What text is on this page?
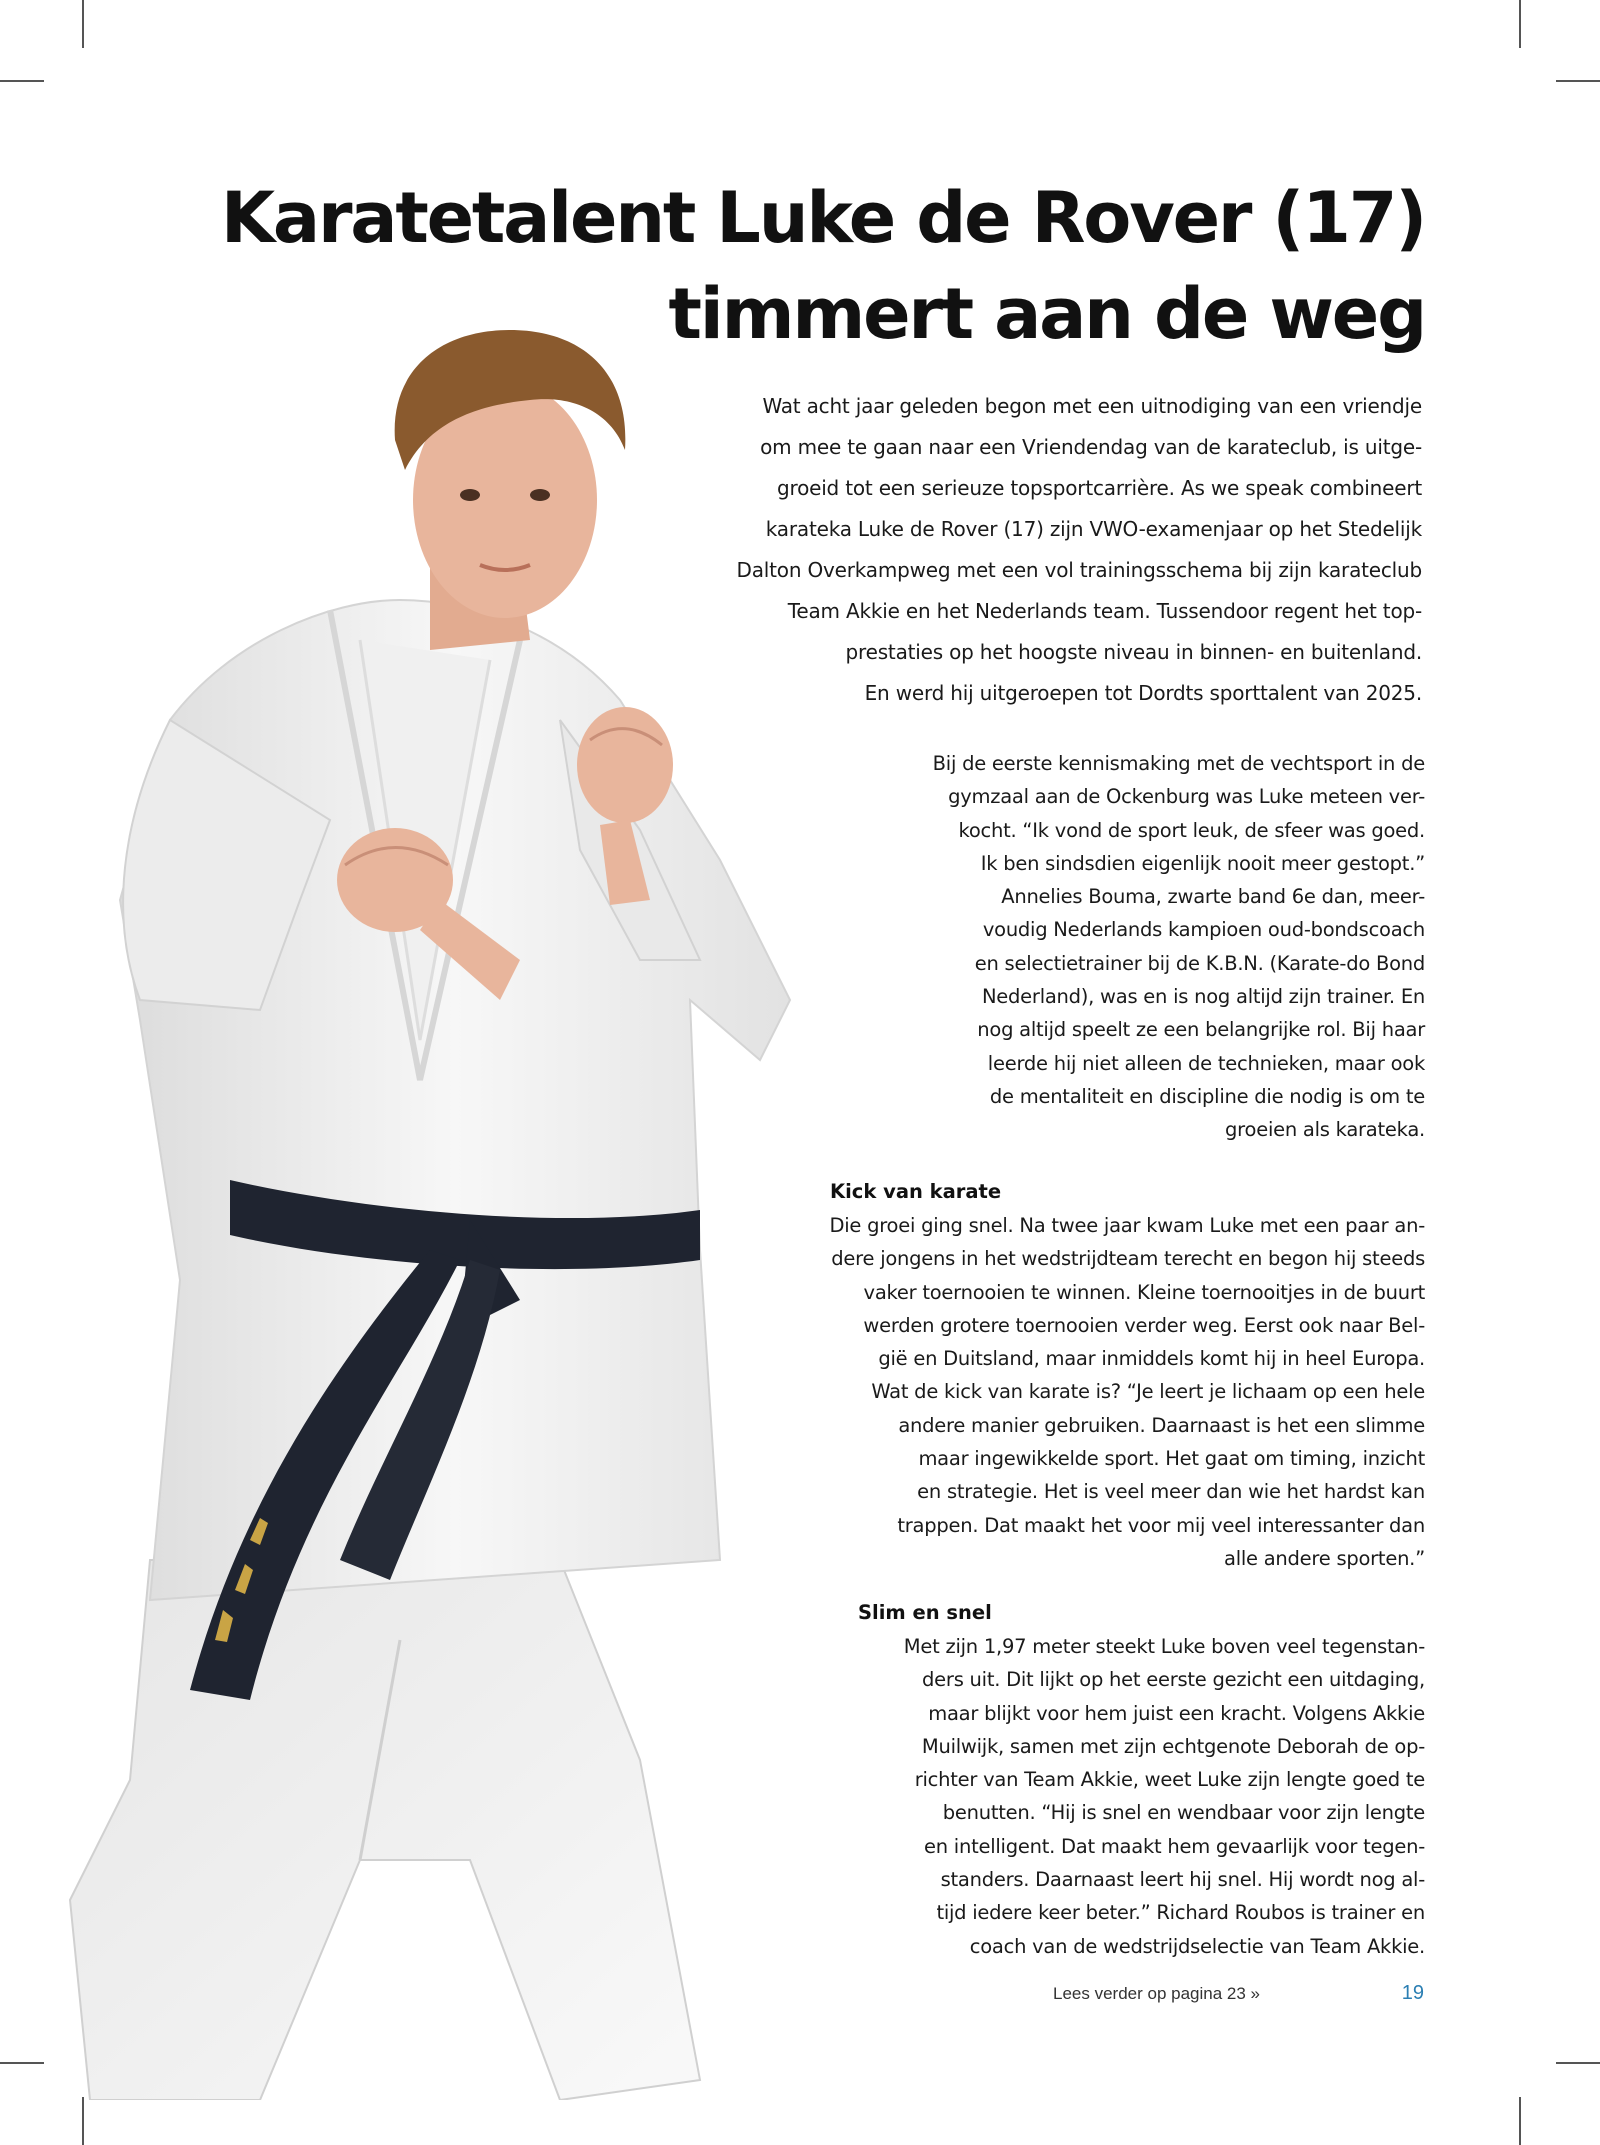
Karatetalent Luke de Rover (17)
timmert aan de weg
Wat acht jaar geleden begon met een uitnodiging van een vriendje
om mee te gaan naar een Vriendendag van de karateclub, is uitge-
groeid tot een serieuze topsportcarrière. As we speak combineert
karateka Luke de Rover (17) zijn VWO-examenjaar op het Stedelijk
Dalton Overkampweg met een vol trainingsschema bij zijn karateclub
Team Akkie en het Nederlands team. Tussendoor regent het top-
prestaties op het hoogste niveau in binnen- en buitenland.
En werd hij uitgeroepen tot Dordts sporttalent van 2025.
Bij de eerste kennismaking met de vechtsport in de
gymzaal aan de Ockenburg was Luke meteen ver-
kocht. “Ik vond de sport leuk, de sfeer was goed.
Ik ben sindsdien eigenlijk nooit meer gestopt.”
Annelies Bouma, zwarte band 6e dan, meer-
voudig Nederlands kampioen oud-bondscoach
en selectietrainer bij de K.B.N. (Karate-do Bond
Nederland), was en is nog altijd zijn trainer. En
nog altijd speelt ze een belangrijke rol. Bij haar
leerde hij niet alleen de technieken, maar ook
de mentaliteit en discipline die nodig is om te
groeien als karateka.
Kick van karate
Die groei ging snel. Na twee jaar kwam Luke met een paar an-
dere jongens in het wedstrijdteam terecht en begon hij steeds
vaker toernooien te winnen. Kleine toernooitjes in de buurt
werden grotere toernooien verder weg. Eerst ook naar Bel-
gië en Duitsland, maar inmiddels komt hij in heel Europa.
Wat de kick van karate is? “Je leert je lichaam op een hele
andere manier gebruiken. Daarnaast is het een slimme
maar ingewikkelde sport. Het gaat om timing, inzicht
en strategie. Het is veel meer dan wie het hardst kan
trappen. Dat maakt het voor mij veel interessanter dan
alle andere sporten.”
Slim en snel
Met zijn 1,97 meter steekt Luke boven veel tegenstan-
ders uit. Dit lijkt op het eerste gezicht een uitdaging,
maar blijkt voor hem juist een kracht. Volgens Akkie
Muilwijk, samen met zijn echtgenote Deborah de op-
richter van Team Akkie, weet Luke zijn lengte goed te
benutten. “Hij is snel en wendbaar voor zijn lengte
en intelligent. Dat maakt hem gevaarlijk voor tegen-
standers. Daarnaast leert hij snel. Hij wordt nog al-
tijd iedere keer beter.” Richard Roubos is trainer en
coach van de wedstrijdselectie van Team Akkie.
Lees verder op pagina 23 »	19
